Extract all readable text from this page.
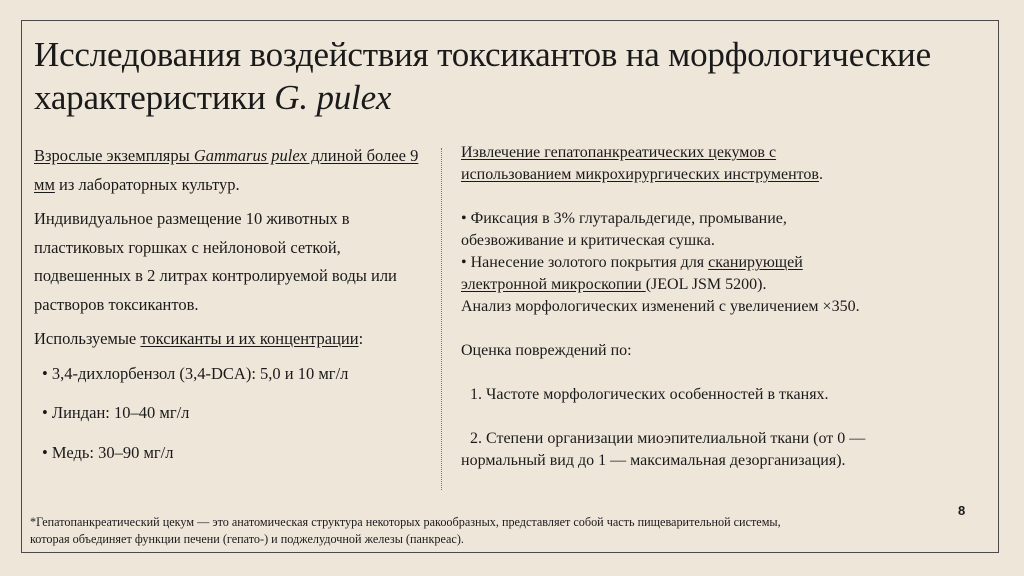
Исследования воздействия токсикантов на морфологические характеристики G. pulex

Взрослые экземпляры Gammarus pulex длиной более 9 мм из лабораторных культур.

Индивидуальное размещение 10 животных в пластиковых горшках с нейлоновой сеткой, подвешенных в 2 литрах контролируемой воды или растворов токсикантов.

Используемые токсиканты и их концентрации:

• 3,4-дихлорбензол (3,4-DCA): 5,0 и 10 мг/л
• Линдан: 10–40 мг/л
• Медь: 30–90 мг/л
Извлечение гепатопанкреатических цекумов с
использованием микрохирургических инструментов.
• Фиксация в 3% глутаральдегиде, промывание,
обезвоживание и критическая сушка.
• Нанесение золотого покрытия для сканирующей
электронной микроскопии (JEOL JSM 5200).
Анализ морфологических изменений с увеличением ×350.
Оценка повреждений по:
1. Частоте морфологических особенностей в тканях.
2. Степени организации миоэпителиальной ткани (от 0 —
нормальный вид до 1 — максимальная дезорганизация).
*Гепатопанкреатический цекум — это анатомическая структура некоторых ракообразных, представляет собой часть пищеварительной системы,
которая объединяет функции печени (гепато-) и поджелудочной железы (панкреас).
8
